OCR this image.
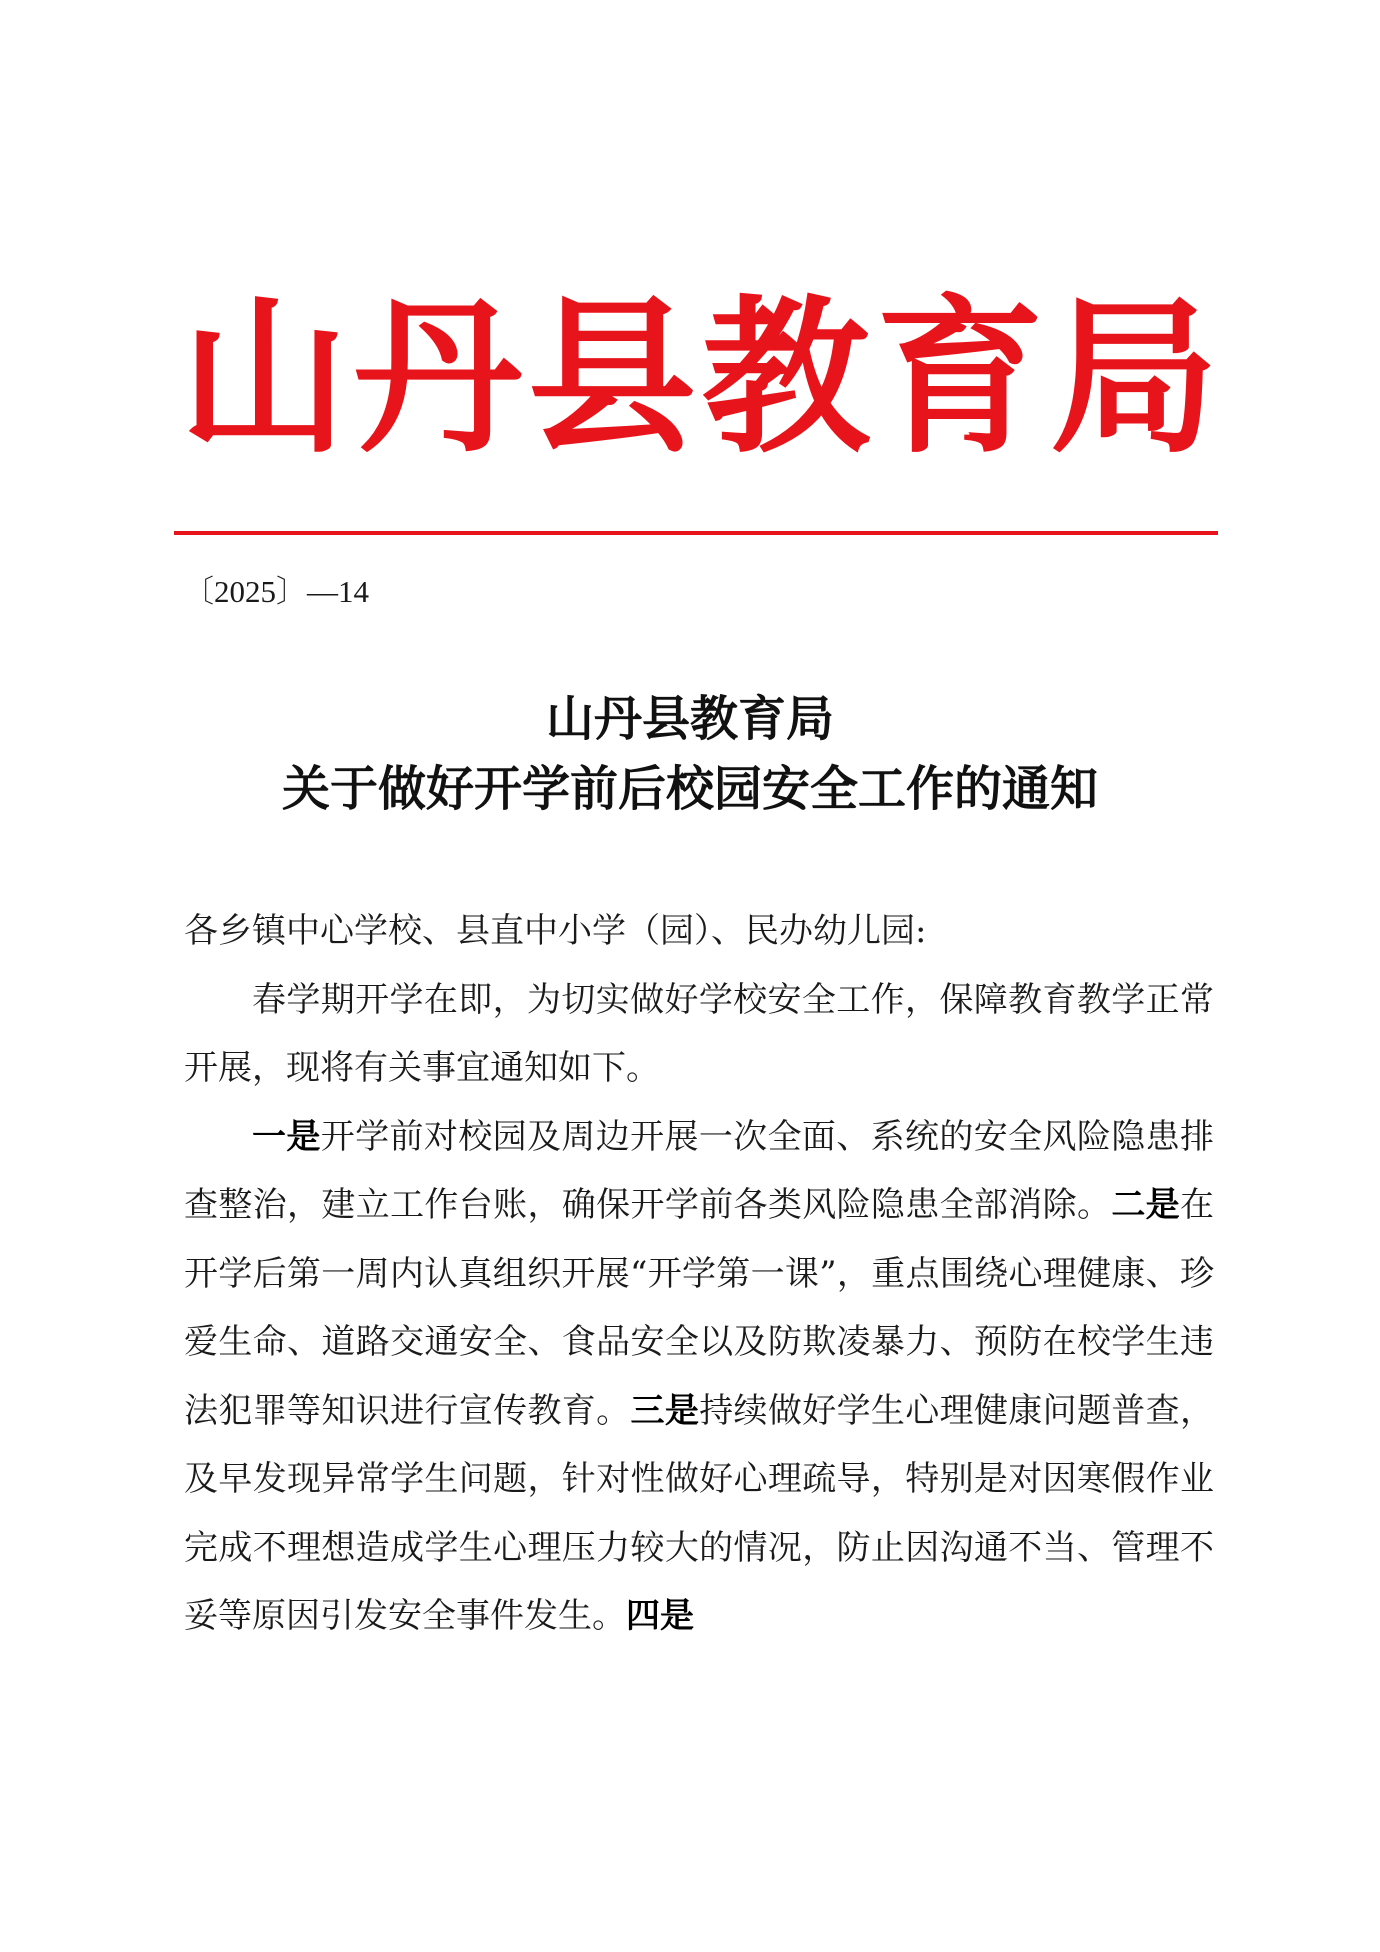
山丹县教育局
〔2025〕—14
山丹县教育局
关于做好开学前后校园安全工作的通知
各乡镇中心学校、县直中小学（园）、民办幼儿园:
春学期开学在即，为切实做好学校安全工作，保障教育教学正常开展，现将有关事宜通知如下。
一是开学前对校园及周边开展一次全面、系统的安全风险隐患排查整治，建立工作台账，确保开学前各类风险隐患全部消除。二是在开学后第一周内认真组织开展“开学第一课”，重点围绕心理健康、珍爱生命、道路交通安全、食品安全以及防欺凌暴力、预防在校学生违法犯罪等知识进行宣传教育。三是持续做好学生心理健康问题普查，及早发现异常学生问题，针对性做好心理疏导，特别是对因寒假作业完成不理想造成学生心理压力较大的情况，防止因沟通不当、管理不妥等原因引发安全事件发生。四是
